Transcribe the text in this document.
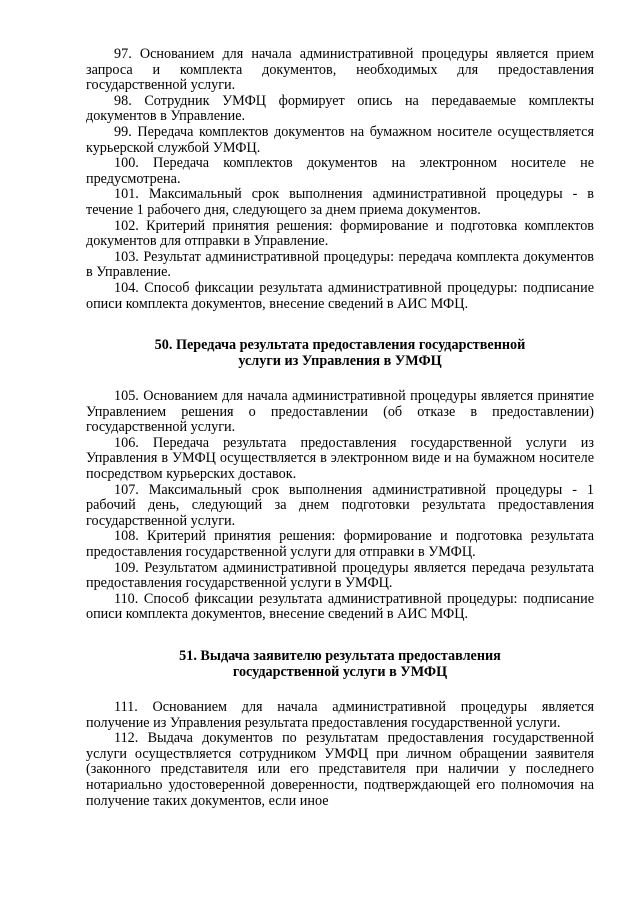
97. Основанием для начала административной процедуры является прием запроса и комплекта документов, необходимых для предоставления государственной услуги.

98. Сотрудник УМФЦ формирует опись на передаваемые комплекты документов в Управление.

99. Передача комплектов документов на бумажном носителе осуществляется курьерской службой УМФЦ.

100. Передача комплектов документов на электронном носителе не предусмотрена.

101. Максимальный срок выполнения административной процедуры - в течение 1 рабочего дня, следующего за днем приема документов.

102. Критерий принятия решения: формирование и подготовка комплектов документов для отправки в Управление.

103. Результат административной процедуры: передача комплекта документов в Управление.

104. Способ фиксации результата административной процедуры: подписание описи комплекта документов, внесение сведений в АИС МФЦ.

50. Передача результата предоставления государственной
услуги из Управления в УМФЦ

105. Основанием для начала административной процедуры является принятие Управлением решения о предоставлении (об отказе в предоставлении) государственной услуги.

106. Передача результата предоставления государственной услуги из Управления в УМФЦ осуществляется в электронном виде и на бумажном носителе посредством курьерских доставок.

107. Максимальный срок выполнения административной процедуры - 1 рабочий день, следующий за днем подготовки результата предоставления государственной услуги.

108. Критерий принятия решения: формирование и подготовка результата предоставления государственной услуги для отправки в УМФЦ.

109. Результатом административной процедуры является передача результата предоставления государственной услуги в УМФЦ.

110. Способ фиксации результата административной процедуры: подписание описи комплекта документов, внесение сведений в АИС МФЦ.

51. Выдача заявителю результата предоставления
государственной услуги в УМФЦ

111. Основанием для начала административной процедуры является получение из Управления результата предоставления государственной услуги.

112. Выдача документов по результатам предоставления государственной услуги осуществляется сотрудником УМФЦ при личном обращении заявителя (законного представителя или его представителя при наличии у последнего нотариально удостоверенной доверенности, подтверждающей его полномочия на получение таких документов, если иное
